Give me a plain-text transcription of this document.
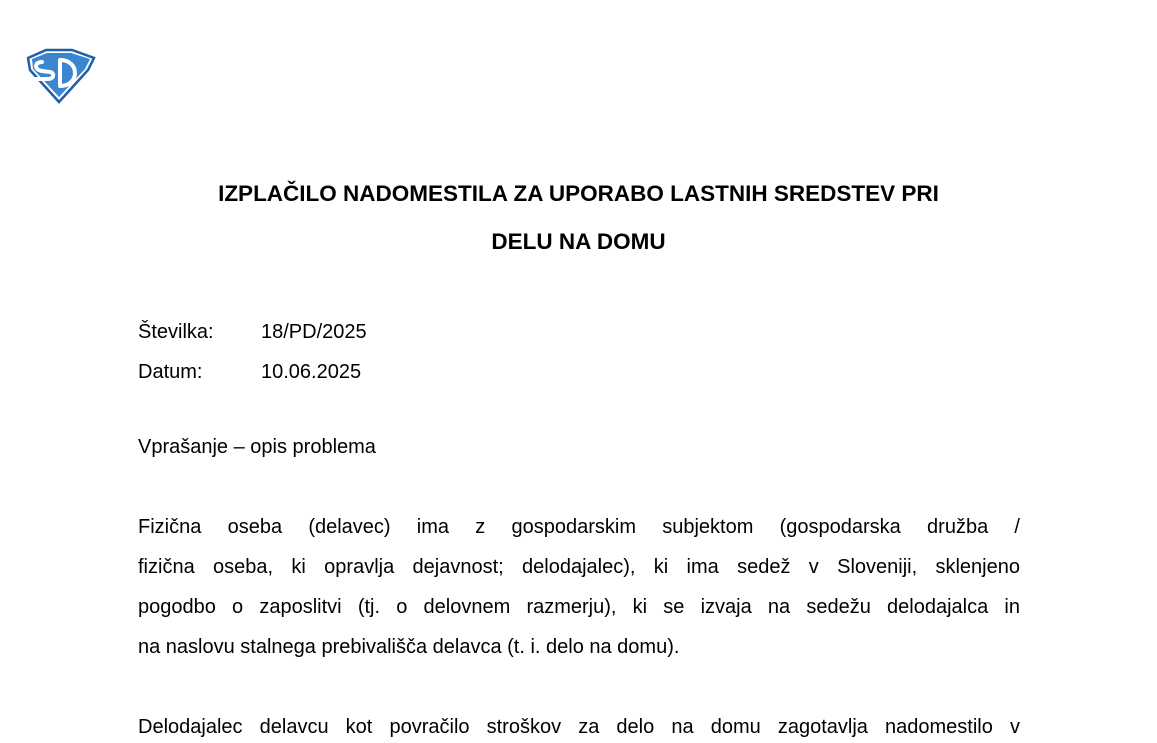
IZPLAČILO NADOMESTILA ZA UPORABO LASTNIH SREDSTEV PRI
DELU NA DOMU
Številka:	18/PD/2025
Datum:	10.06.2025
Vprašanje – opis problema
Fizična oseba (delavec) ima z gospodarskim subjektom (gospodarska družba /
fizična oseba, ki opravlja dejavnost; delodajalec), ki ima sedež v Sloveniji, sklenjeno
pogodbo o zaposlitvi (tj. o delovnem razmerju), ki se izvaja na sedežu delodajalca in
na naslovu stalnega prebivališča delavca (t. i. delo na domu).
Delodajalec delavcu kot povračilo stroškov za delo na domu zagotavlja nadomestilo v
